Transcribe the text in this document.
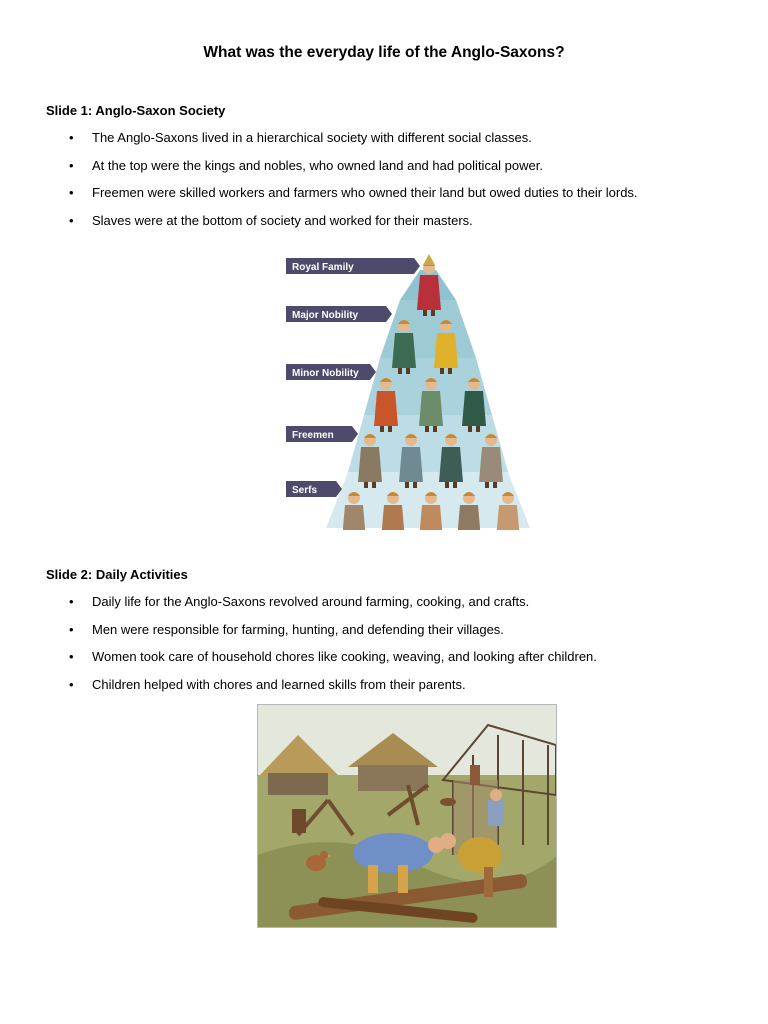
What was the everyday life of the Anglo-Saxons?
Slide 1: Anglo-Saxon Society
• The Anglo-Saxons lived in a hierarchical society with different social classes.
• At the top were the kings and nobles, who owned land and had political power.
• Freemen were skilled workers and farmers who owned their land but owed duties to their lords.
• Slaves were at the bottom of society and worked for their masters.
Royal Family
Major Nobility
Minor Nobility
Freemen
Serfs
Slide 2: Daily Activities
• Daily life for the Anglo-Saxons revolved around farming, cooking, and crafts.
• Men were responsible for farming, hunting, and defending their villages.
• Women took care of household chores like cooking, weaving, and looking after children.
• Children helped with chores and learned skills from their parents.
